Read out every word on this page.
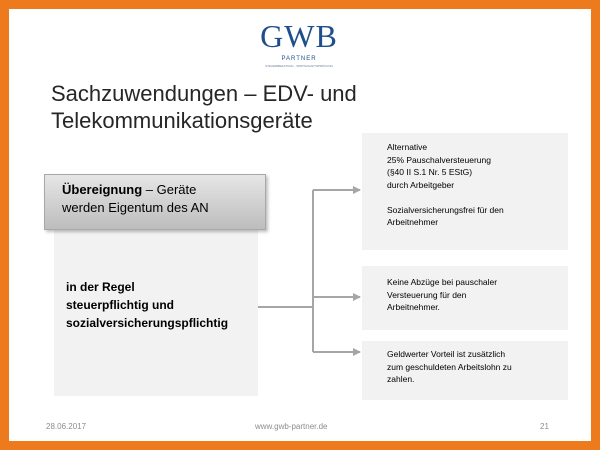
GWB
PARTNER
STEUERBERATUNG · WIRTSCHAFTSPRÜFUNG
Sachzuwendungen – EDV- und
Telekommunikationsgeräte
in der Regel
steuerpflichtig und
sozialversicherungspflichtig
Übereignung – Geräte
werden Eigentum des AN
Alternative
25% Pauschalversteuerung
(§40 II S.1 Nr. 5 EStG)
durch Arbeitgeber
Sozialversicherungsfrei für den
Arbeitnehmer
Keine Abzüge bei pauschaler
Versteuerung für den
Arbeitnehmer.
Geldwerter Vorteil ist zusätzlich
zum geschuldeten Arbeitslohn zu
zahlen.
28.06.2017	www.gwb-partner.de	21
